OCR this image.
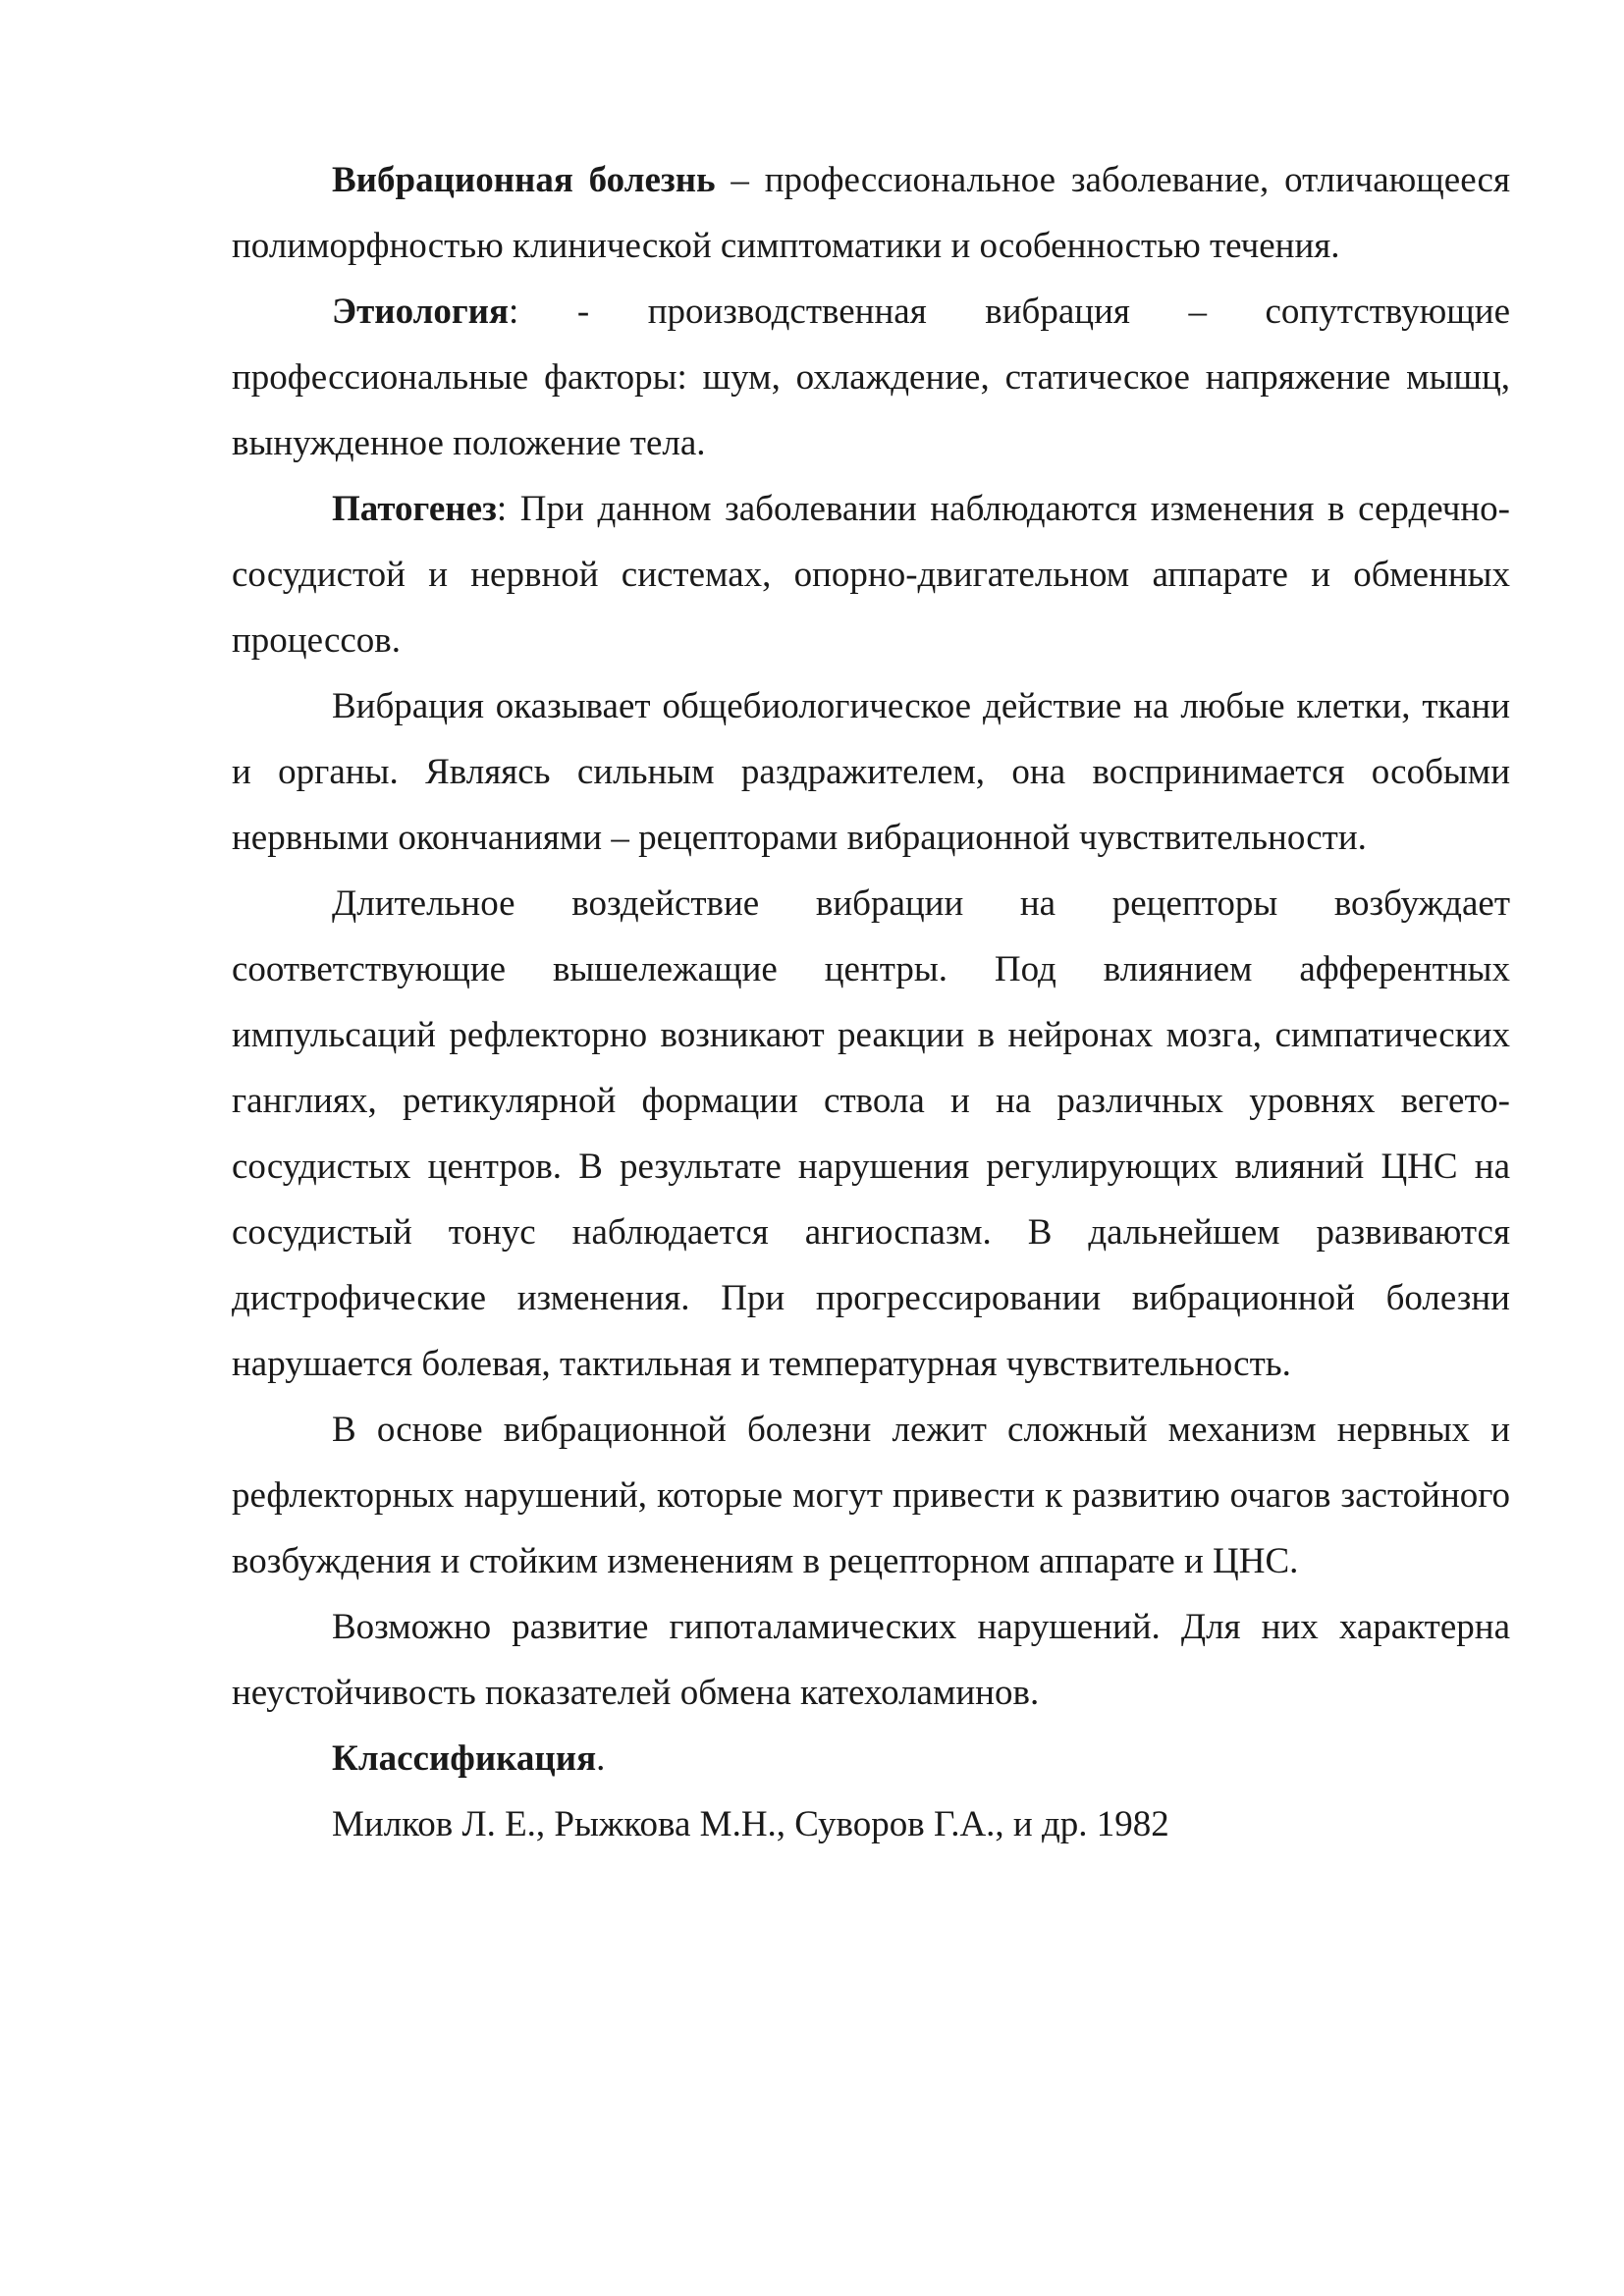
Вибрационная болезнь – профессиональное заболевание, отличающееся полиморфностью клинической симптоматики и особенностью течения.

Этиология: - производственная вибрация – сопутствующие профессиональные факторы: шум, охлаждение, статическое напряжение мышц, вынужденное положение тела.

Патогенез: При данном заболевании наблюдаются изменения в сердечно-сосудистой и нервной системах, опорно-двигательном аппарате и обменных процессов.

Вибрация оказывает общебиологическое действие на любые клетки, ткани и органы. Являясь сильным раздражителем, она воспринимается особыми нервными окончаниями – рецепторами вибрационной чувствительности.

Длительное воздействие вибрации на рецепторы возбуждает соответствующие вышележащие центры. Под влиянием афферентных импульсаций рефлекторно возникают реакции в нейронах мозга, симпатических ганглиях, ретикулярной формации ствола и на различных уровнях вегето-сосудистых центров. В результате нарушения регулирующих влияний ЦНС на сосудистый тонус наблюдается ангиоспазм. В дальнейшем развиваются дистрофические изменения. При прогрессировании вибрационной болезни нарушается болевая, тактильная и температурная чувствительность.

В основе вибрационной болезни лежит сложный механизм нервных и рефлекторных нарушений, которые могут привести к развитию очагов застойного возбуждения и стойким изменениям в рецепторном аппарате и ЦНС.

Возможно развитие гипоталамических нарушений. Для них характерна неустойчивость показателей обмена катехоламинов.

Классификация.

Милков Л. Е., Рыжкова М.Н., Суворов Г.А., и др. 1982
